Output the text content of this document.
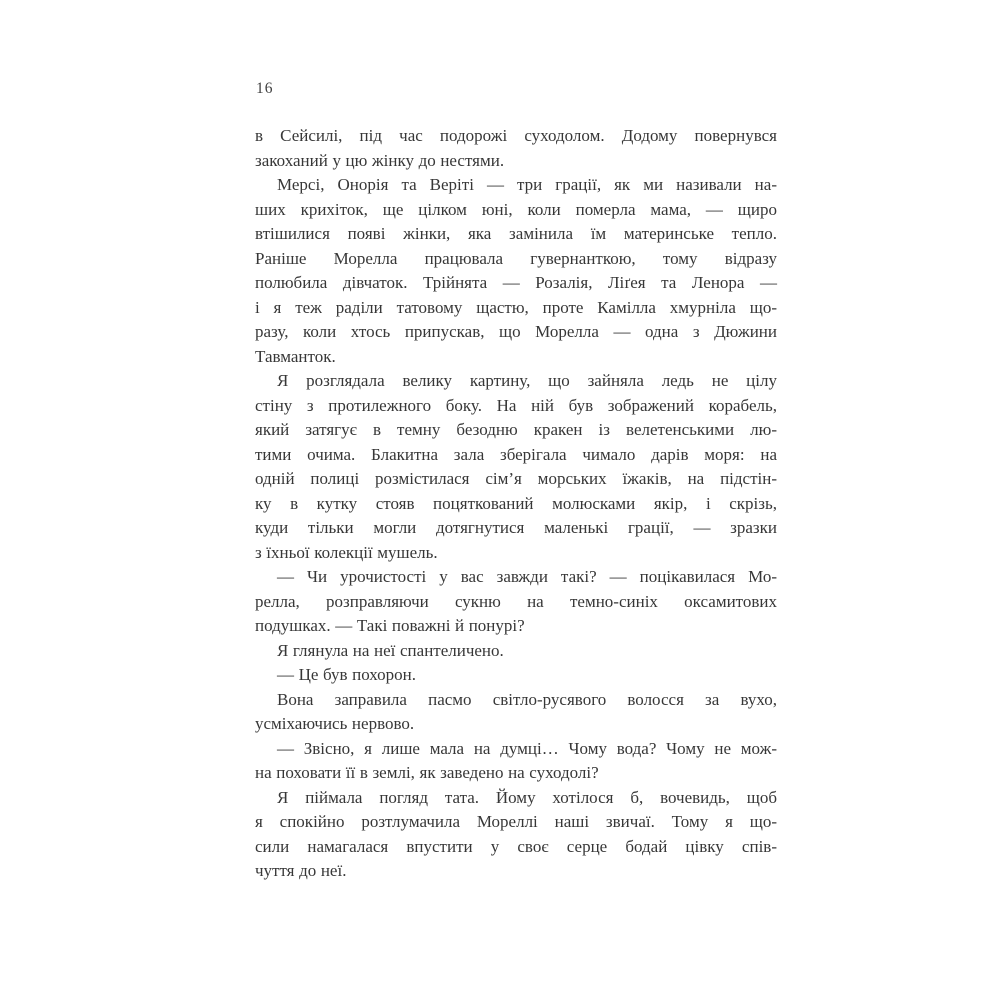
16
в Сейсилі, під час подорожі суходолом. Додому повернувся
закоханий у цю жінку до нестями.
Мерсі, Онорія та Веріті — три грації, як ми називали на-
ших крихіток, ще цілком юні, коли померла мама, — щиро
втішилися появі жінки, яка замінила їм материнське тепло.
Раніше Морелла працювала гувернанткою, тому відразу
полюбила дівчаток. Трійнята — Розалія, Ліґея та Ленора —
і я теж раділи татовому щастю, проте Камілла хмурніла що-
разу, коли хтось припускав, що Морелла — одна з Дюжини
Тавманток.
Я розглядала велику картину, що зайняла ледь не цілу
стіну з протилежного боку. На ній був зображений корабель,
який затягує в темну безодню кракен із велетенськими лю-
тими очима. Блакитна зала зберігала чимало дарів моря: на
одній полиці розмістилася сім’я морських їжаків, на підстін-
ку в кутку стояв поцяткований молюсками якір, і скрізь,
куди тільки могли дотягнутися маленькі грації, — зразки
з їхньої колекції мушель.
— Чи урочистості у вас завжди такі? — поцікавилася Мо-
релла, розправляючи сукню на темно-синіх оксамитових
подушках. — Такі поважні й понурі?
Я глянула на неї спантеличено.
— Це був похорон.
Вона заправила пасмо світло-русявого волосся за вухо,
усміхаючись нервово.
— Звісно, я лише мала на думці… Чому вода? Чому не мож-
на поховати її в землі, як заведено на суходолі?
Я піймала погляд тата. Йому хотілося б, вочевидь, щоб
я спокійно розтлумачила Мореллі наші звичаї. Тому я що-
сили намагалася впустити у своє серце бодай цівку спів-
чуття до неї.
